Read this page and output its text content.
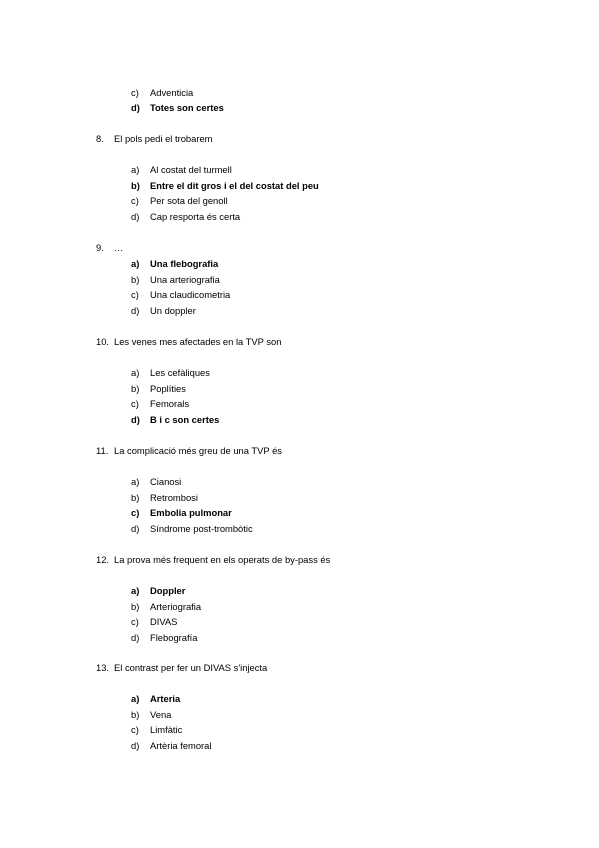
c) Adventicia
d) Totes son certes
8. El pols pedi el trobarem
a) Al costat del turmell
b) Entre el dit gros i el del costat del peu
c) Per sota del genoll
d) Cap resporta és certa
9. …
a) Una flebografia
b) Una arteriografia
c) Una claudicometria
d) Un doppler
10. Les venes mes afectades en la TVP son
a) Les cefàliques
b) Poplíties
c) Femorals
d) B i c son certes
11. La complicació més greu de una TVP és
a) Cianosi
b) Retrombosi
c) Embolia pulmonar
d) Síndrome post-trombòtic
12. La prova més frequent en els operats de by-pass és
a) Doppler
b) Arteriografia
c) DIVAS
d) Flebografía
13. El contrast per fer un DIVAS s'injecta
a) Arteria
b) Vena
c) Limfàtic
d) Artèria femoral
